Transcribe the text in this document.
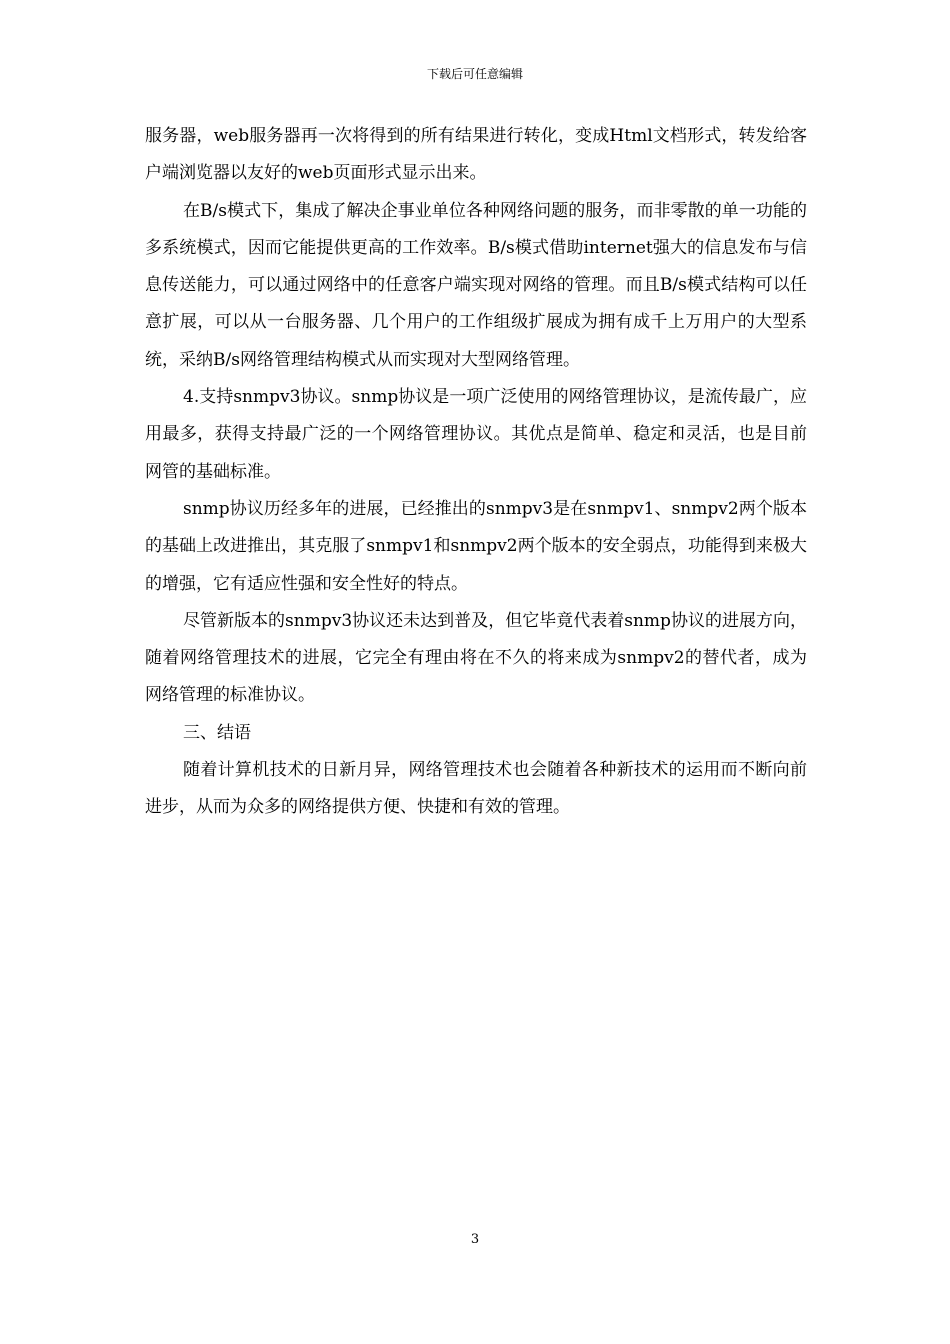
下载后可任意编辑

服务器，web服务器再一次将得到的所有结果进行转化，变成Html文档形式，转发给客户端浏览器以友好的web页面形式显示出来。

在B/s模式下，集成了解决企事业单位各种网络问题的服务，而非零散的单一功能的多系统模式，因而它能提供更高的工作效率。B/s模式借助internet强大的信息发布与信息传送能力，可以通过网络中的任意客户端实现对网络的管理。而且B/s模式结构可以任意扩展，可以从一台服务器、几个用户的工作组级扩展成为拥有成千上万用户的大型系统，采纳B/s网络管理结构模式从而实现对大型网络管理。

4.支持snmpv3协议。snmp协议是一项广泛使用的网络管理协议，是流传最广，应用最多，获得支持最广泛的一个网络管理协议。其优点是简单、稳定和灵活，也是目前网管的基础标准。

snmp协议历经多年的进展，已经推出的snmpv3是在snmpv1、snmpv2两个版本的基础上改进推出，其克服了snmpv1和snmpv2两个版本的安全弱点，功能得到来极大的增强，它有适应性强和安全性好的特点。

尽管新版本的snmpv3协议还未达到普及，但它毕竟代表着snmp协议的进展方向，随着网络管理技术的进展，它完全有理由将在不久的将来成为snmpv2的替代者，成为网络管理的标准协议。

三、结语

随着计算机技术的日新月异，网络管理技术也会随着各种新技术的运用而不断向前进步，从而为众多的网络提供方便、快捷和有效的管理。

3
